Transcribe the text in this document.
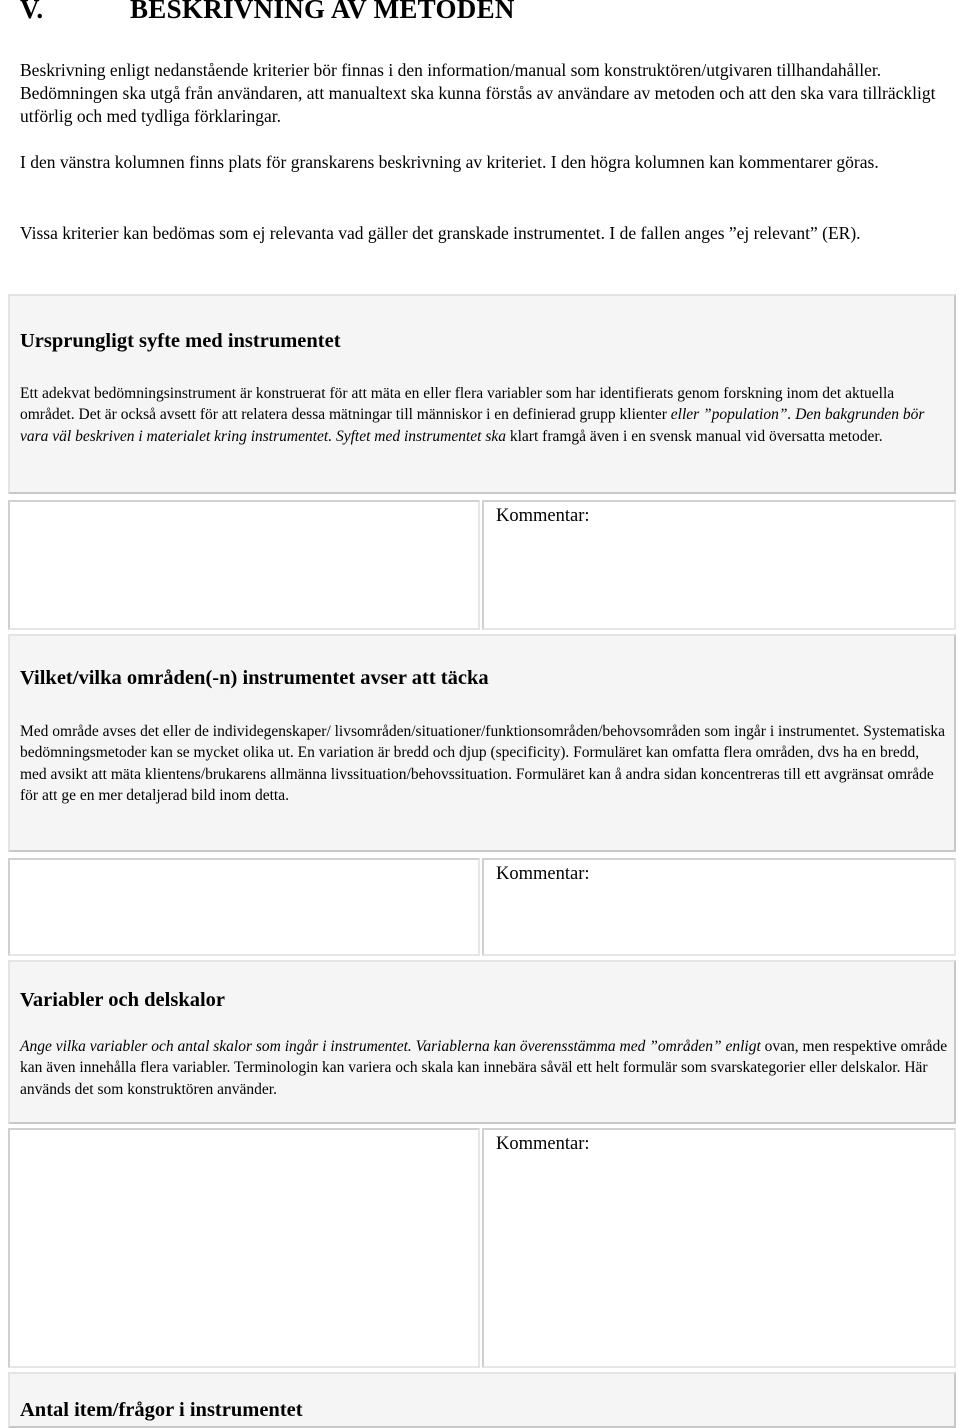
V.	BESKRIVNING AV METODEN

Beskrivning enligt nedanstående kriterier bör finnas i den information/manual som konstruktören/utgivaren tillhandahåller. Bedömningen ska utgå från användaren, att manualtext ska kunna förstås av användare av metoden och att den ska vara tillräckligt utförlig och med tydliga förklaringar.

I den vänstra kolumnen finns plats för granskarens beskrivning av kriteriet. I den högra kolumnen kan kommentarer göras.

Vissa kriterier kan bedömas som ej relevanta vad gäller det granskade instrumentet. I de fallen anges ”ej relevant” (ER).

Ursprungligt syfte med instrumentet

Ett adekvat bedömningsinstrument är konstruerat för att mäta en eller flera variabler som har identifierats genom forskning inom det aktuella området. Det är också avsett för att relatera dessa mätningar till människor i en definierad grupp klienter eller ”population”. Den bakgrunden bör vara väl beskriven i materialet kring instrumentet. Syftet med instrumentet ska klart framgå även i en svensk manual vid översatta metoder.

Kommentar:
Vilket/vilka områden(-n) instrumentet avser att täcka

Med område avses det eller de individegenskaper/ livsområden/situationer/funktionsområden/behovsområden som ingår i instrumentet. Systematiska bedömningsmetoder kan se mycket olika ut. En variation är bredd och djup (specificity). Formuläret kan omfatta flera områden, dvs ha en bredd, med avsikt att mäta klientens/brukarens allmänna livssituation/behovssituation. Formuläret kan å andra sidan koncentreras till ett avgränsat område för att ge en mer detaljerad bild inom detta.

Kommentar:
Variabler och delskalor

Ange vilka variabler och antal skalor som ingår i instrumentet. Variablerna kan överensstämma med ”områden” enligt ovan, men respektive område kan även innehålla flera variabler. Terminologin kan variera och skala kan innebära såväl ett helt formulär som svarskategorier eller delskalor. Här används det som konstruktören använder.

Kommentar:
Antal item/frågor i instrumentet
